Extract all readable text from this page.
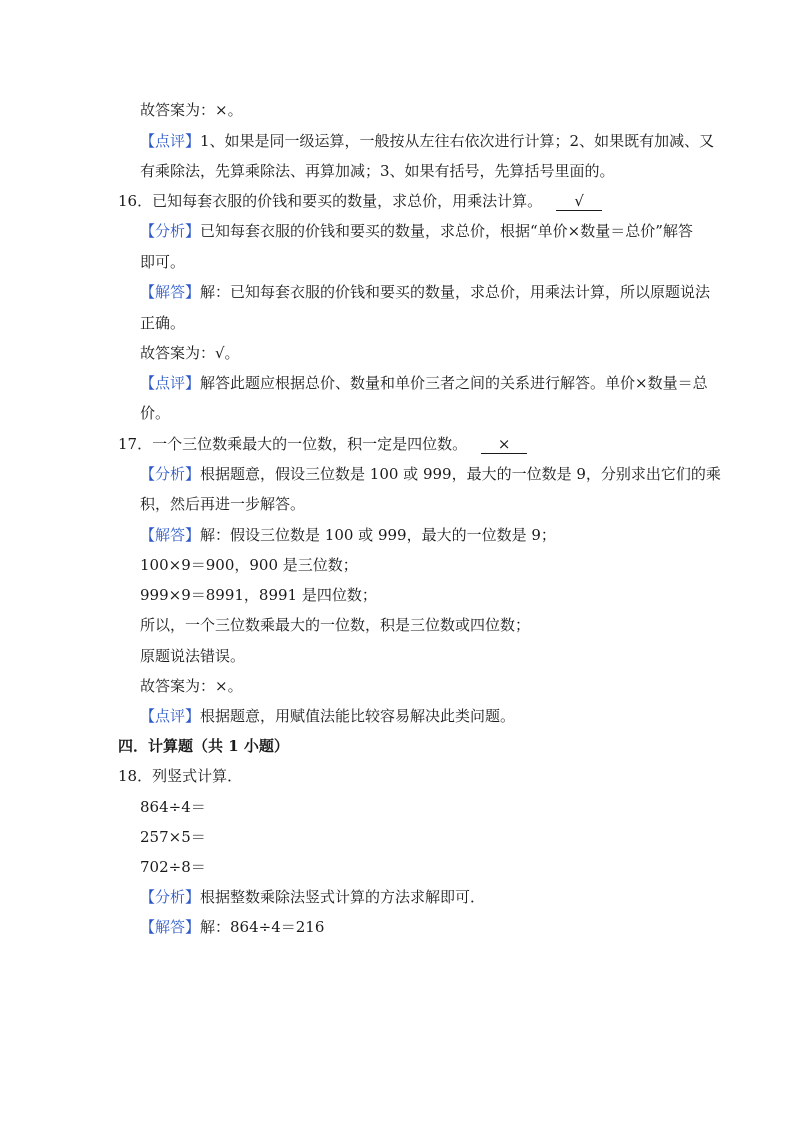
故答案为：×。
【点评】1、如果是同一级运算，一般按从左往右依次进行计算；2、如果既有加减、又
有乘除法，先算乘除法、再算加减；3、如果有括号，先算括号里面的。
16．已知每套衣服的价钱和要买的数量，求总价，用乘法计算。 √
【分析】已知每套衣服的价钱和要买的数量，求总价，根据“单价×数量＝总价”解答
即可。
【解答】解：已知每套衣服的价钱和要买的数量，求总价，用乘法计算，所以原题说法
正确。
故答案为：√。
【点评】解答此题应根据总价、数量和单价三者之间的关系进行解答。单价×数量＝总
价。
17．一个三位数乘最大的一位数，积一定是四位数。 ×
【分析】根据题意，假设三位数是 100 或 999，最大的一位数是 9，分别求出它们的乘
积，然后再进一步解答。
【解答】解：假设三位数是 100 或 999，最大的一位数是 9；
100×9＝900，900 是三位数；
999×9＝8991，8991 是四位数；
所以，一个三位数乘最大的一位数，积是三位数或四位数；
原题说法错误。
故答案为：×。
【点评】根据题意，用赋值法能比较容易解决此类问题。
四．计算题（共 1 小题）
18．列竖式计算．
864÷4＝
257×5＝
702÷8＝
【分析】根据整数乘除法竖式计算的方法求解即可．
【解答】解：864÷4＝216
